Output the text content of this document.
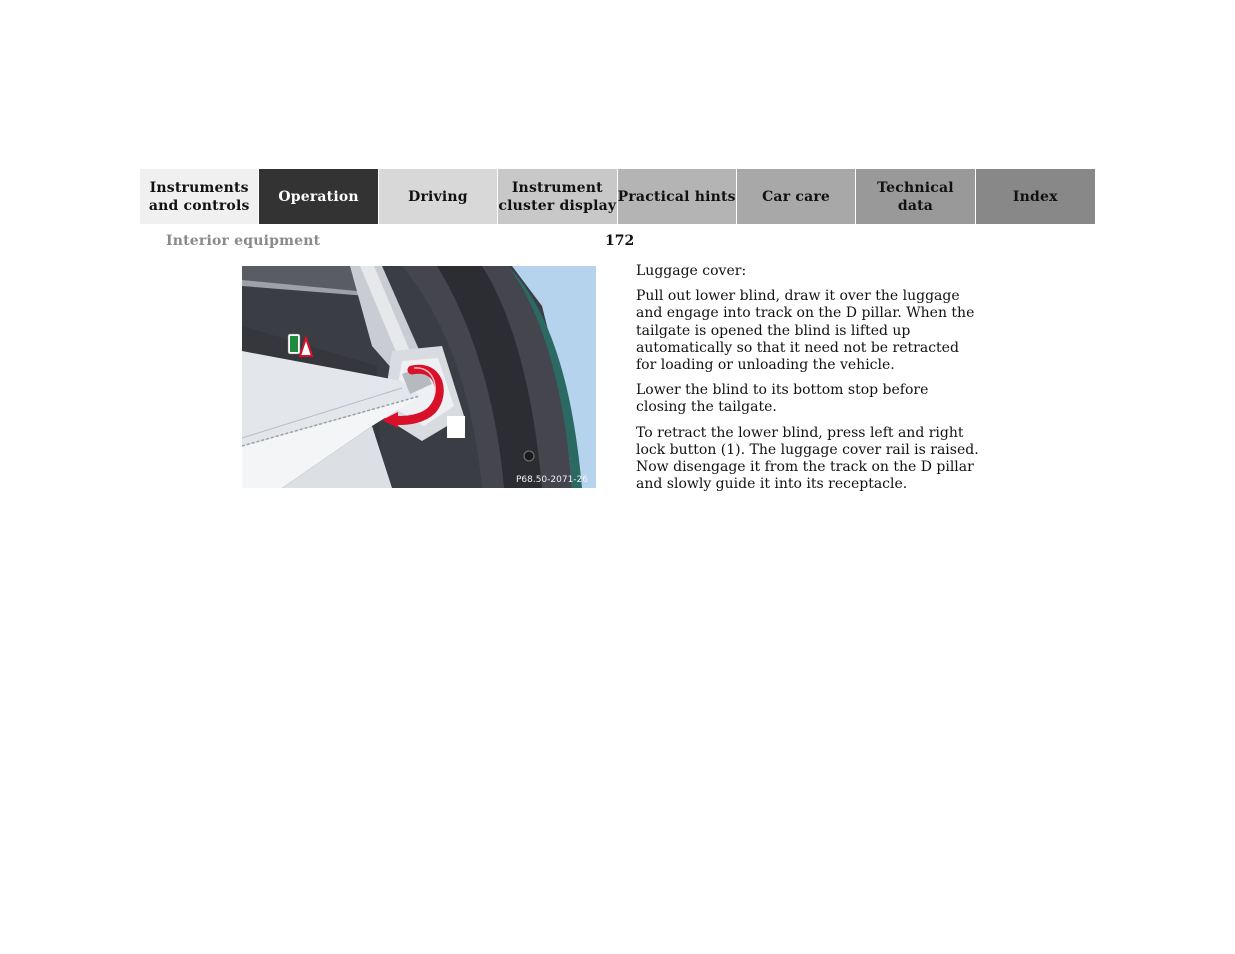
Instruments
and controls
Operation	Driving
Instrument
cluster display
Practical hints	Car care
Technical
data
Index
Interior equipment	172
P68.50-2071-26

Luggage cover:

Pull out lower blind, draw it over the luggage and engage into track on the D pillar. When the tailgate is opened the blind is lifted up automatically so that it need not be retracted for loading or unloading the vehicle.

Lower the blind to its bottom stop before closing the tailgate.

To retract the lower blind, press left and right lock button (1). The luggage cover rail is raised. Now disengage it from the track on the D pillar and slowly guide it into its receptacle.
